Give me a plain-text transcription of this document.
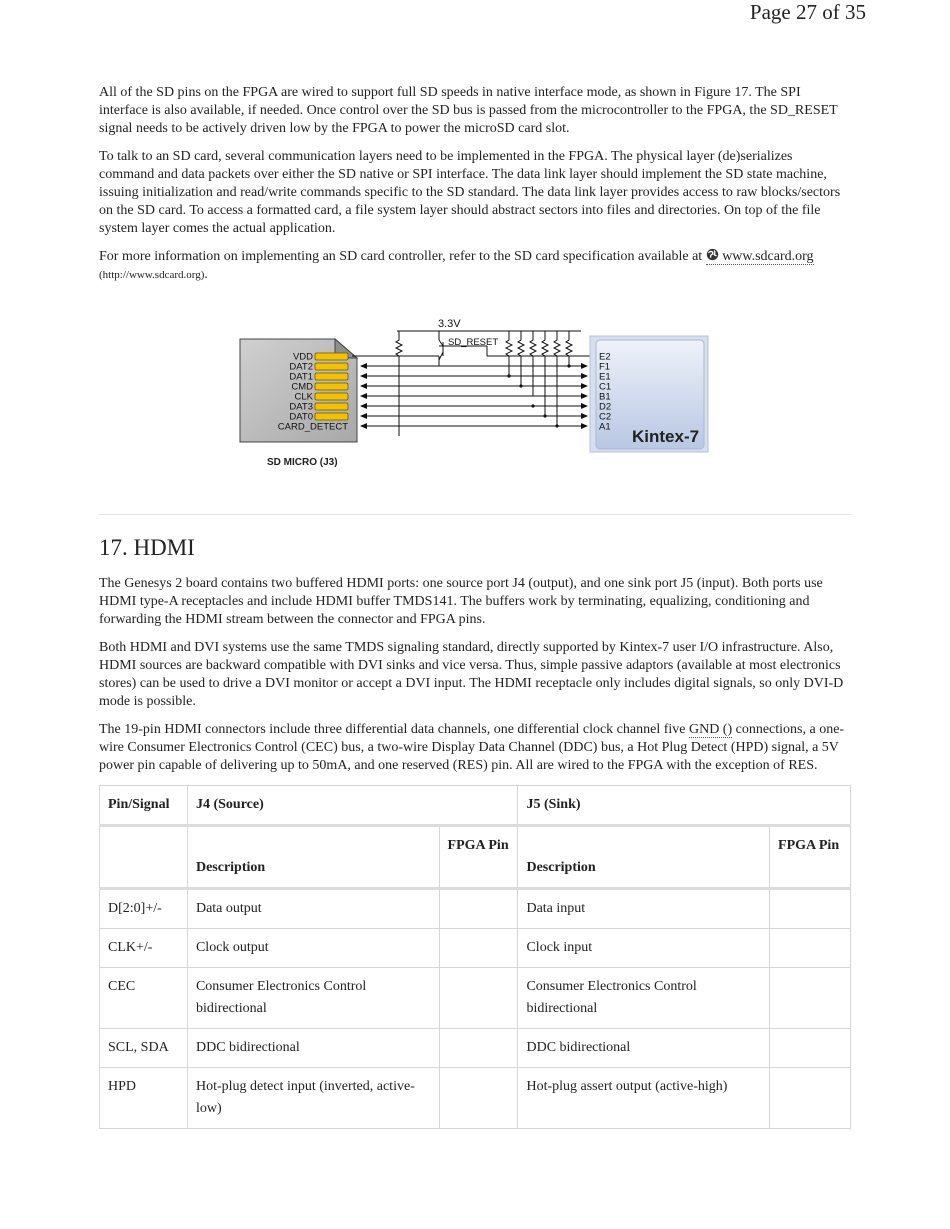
Page 27 of 35

All of the SD pins on the FPGA are wired to support full SD speeds in native interface mode, as shown in Figure 17. The SPI interface is also available, if needed. Once control over the SD bus is passed from the microcontroller to the FPGA, the SD_RESET signal needs to be actively driven low by the FPGA to power the microSD card slot.

To talk to an SD card, several communication layers need to be implemented in the FPGA. The physical layer (de)serializes command and data packets over either the SD native or SPI interface. The data link layer should implement the SD state machine, issuing initialization and read/write commands specific to the SD standard. The data link layer provides access to raw blocks/sectors on the SD card. To access a formatted card, a file system layer should abstract sectors into files and directories. On top of the file system layer comes the actual application.

For more information on implementing an SD card controller, refer to the SD card specification available at www.sdcard.org (http://www.sdcard.org).

3.3V
SD_RESET
Kintex-7
VDD	E2
DAT2	F1
DAT1	E1
CMD	C1
CLK	B1
DAT3	D2
DAT0	C2
CARD_DETECT	A1
SD MICRO (J3)
17. HDMI

The Genesys 2 board contains two buffered HDMI ports: one source port J4 (output), and one sink port J5 (input). Both ports use HDMI type-A receptacles and include HDMI buffer TMDS141. The buffers work by terminating, equalizing, conditioning and forwarding the HDMI stream between the connector and FPGA pins.

Both HDMI and DVI systems use the same TMDS signaling standard, directly supported by Kintex-7 user I/O infrastructure. Also, HDMI sources are backward compatible with DVI sinks and vice versa. Thus, simple passive adaptors (available at most electronics stores) can be used to drive a DVI monitor or accept a DVI input. The HDMI receptacle only includes digital signals, so only DVI-D mode is possible.

The 19-pin HDMI connectors include three differential data channels, one differential clock channel five GND () connections, a one-wire Consumer Electronics Control (CEC) bus, a two-wire Display Data Channel (DDC) bus, a Hot Plug Detect (HPD) signal, a 5V power pin capable of delivering up to 50mA, and one reserved (RES) pin. All are wired to the FPGA with the exception of RES.

Pin/Signal	J4 (Source)		J5 (Sink)	
	Description	FPGA Pin	Description	FPGA Pin
D[2:0]+/-	Data output		Data input	
CLK+/-	Clock output		Clock input	
CEC	Consumer Electronics Control bidirectional		Consumer Electronics Control bidirectional	
SCL, SDA	DDC bidirectional		DDC bidirectional	
HPD	Hot-plug detect input (inverted, active-low)		Hot-plug assert output (active-high)	
